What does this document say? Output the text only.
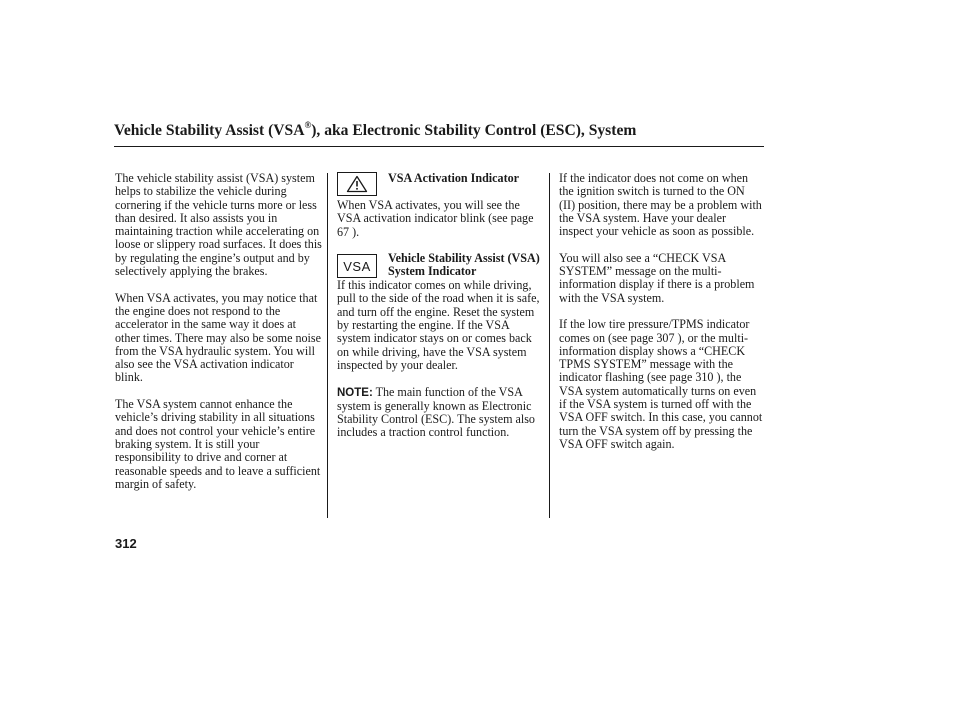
Vehicle Stability Assist (VSA®), aka Electronic Stability Control (ESC), System

The vehicle stability assist (VSA) system helps to stabilize the vehicle during cornering if the vehicle turns more or less than desired. It also assists you in maintaining traction while accelerating on loose or slippery road surfaces. It does this by regulating the engine’s output and by selectively applying the brakes.

When VSA activates, you may notice that the engine does not respond to the accelerator in the same way it does at other times. There may also be some noise from the VSA hydraulic system. You will also see the VSA activation indicator blink.

The VSA system cannot enhance the vehicle’s driving stability in all situations and does not control your vehicle’s entire braking system. It is still your responsibility to drive and corner at reasonable speeds and to leave a sufficient margin of safety.

VSA Activation Indicator

When VSA activates, you will see the VSA activation indicator blink (see page 67 ).

VSA
Vehicle Stability Assist (VSA) System Indicator

If this indicator comes on while driving, pull to the side of the road when it is safe, and turn off the engine. Reset the system by restarting the engine. If the VSA system indicator stays on or comes back on while driving, have the VSA system inspected by your dealer.

NOTE: The main function of the VSA system is generally known as Electronic Stability Control (ESC). The system also includes a traction control function.

If the indicator does not come on when the ignition switch is turned to the ON (II) position, there may be a problem with the VSA system. Have your dealer inspect your vehicle as soon as possible.

You will also see a “CHECK VSA SYSTEM” message on the multi-information display if there is a problem with the VSA system.

If the low tire pressure/TPMS indicator comes on (see page 307 ), or the multi-information display shows a “CHECK TPMS SYSTEM” message with the indicator flashing (see page 310 ), the VSA system automatically turns on even if the VSA system is turned off with the VSA OFF switch. In this case, you cannot turn the VSA system off by pressing the VSA OFF switch again.

312
